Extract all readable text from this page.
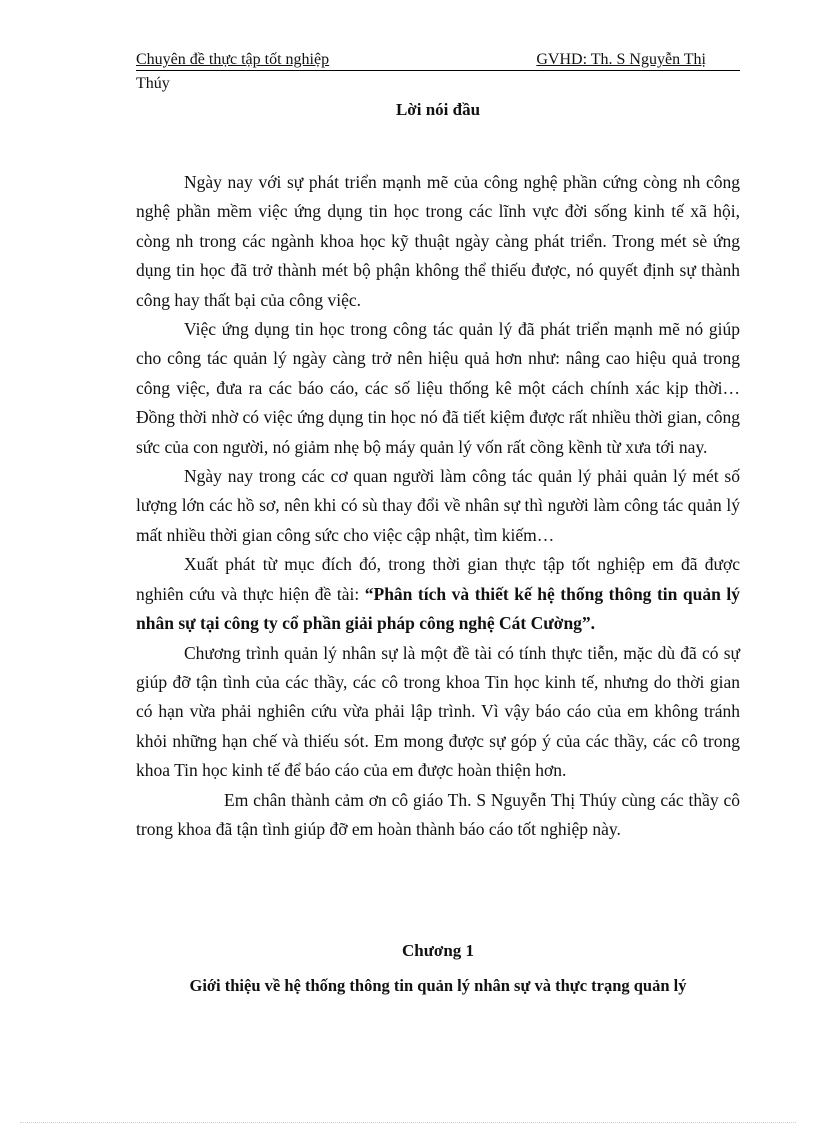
Chuyên đề thực tập tốt nghiệp	GVHD: Th. S Nguyễn Thị
Thúy
Lời nói đầu

Ngày nay với sự phát triển mạnh mẽ của công nghệ phần cứng còng nh công nghệ phần mềm việc ứng dụng tin học trong các lĩnh vực đời sống kinh tế xã hội, còng nh trong các ngành khoa học kỹ thuật ngày càng phát triển. Trong mét sè ứng dụng tin học đã trở thành mét bộ phận không thể thiếu được, nó quyết định sự thành công hay thất bại của công việc.

Việc ứng dụng tin học trong công tác quản lý đã phát triển mạnh mẽ nó giúp cho công tác quản lý ngày càng trở nên hiệu quả hơn như: nâng cao hiệu quả trong công việc, đưa ra các báo cáo, các số liệu thống kê một cách chính xác kịp thời… Đồng thời nhờ có việc ứng dụng tin học nó đã tiết kiệm được rất nhiều thời gian, công sức của con người, nó giảm nhẹ bộ máy quản lý vốn rất cồng kềnh từ xưa tới nay.

Ngày nay trong các cơ quan người làm công tác quản lý phải quản lý mét số lượng lớn các hồ sơ, nên khi có sù thay đổi về nhân sự thì người làm công tác quản lý mất nhiều thời gian công sức cho việc cập nhật, tìm kiếm…

Xuất phát từ mục đích đó, trong thời gian thực tập tốt nghiệp em đã được nghiên cứu và thực hiện đề tài: “Phân tích và thiết kế hệ thống thông tin quản lý nhân sự tại công ty cổ phần giải pháp công nghệ Cát Cường”.

Chương trình quản lý nhân sự là một đề tài có tính thực tiễn, mặc dù đã có sự giúp đỡ tận tình của các thầy, các cô trong khoa Tin học kinh tế, nhưng do thời gian có hạn vừa phải nghiên cứu vừa phải lập trình. Vì vậy báo cáo của em không tránh khỏi những hạn chế và thiếu sót. Em mong được sự góp ý của các thầy, các cô trong khoa Tin học kinh tế để báo cáo của em được hoàn thiện hơn.

Em chân thành cảm ơn cô giáo Th. S Nguyễn Thị Thúy cùng các thầy cô trong khoa đã tận tình giúp đỡ em hoàn thành báo cáo tốt nghiệp này.

Chương 1
Giới thiệu về hệ thống thông tin quản lý nhân sự và thực trạng quản lý
